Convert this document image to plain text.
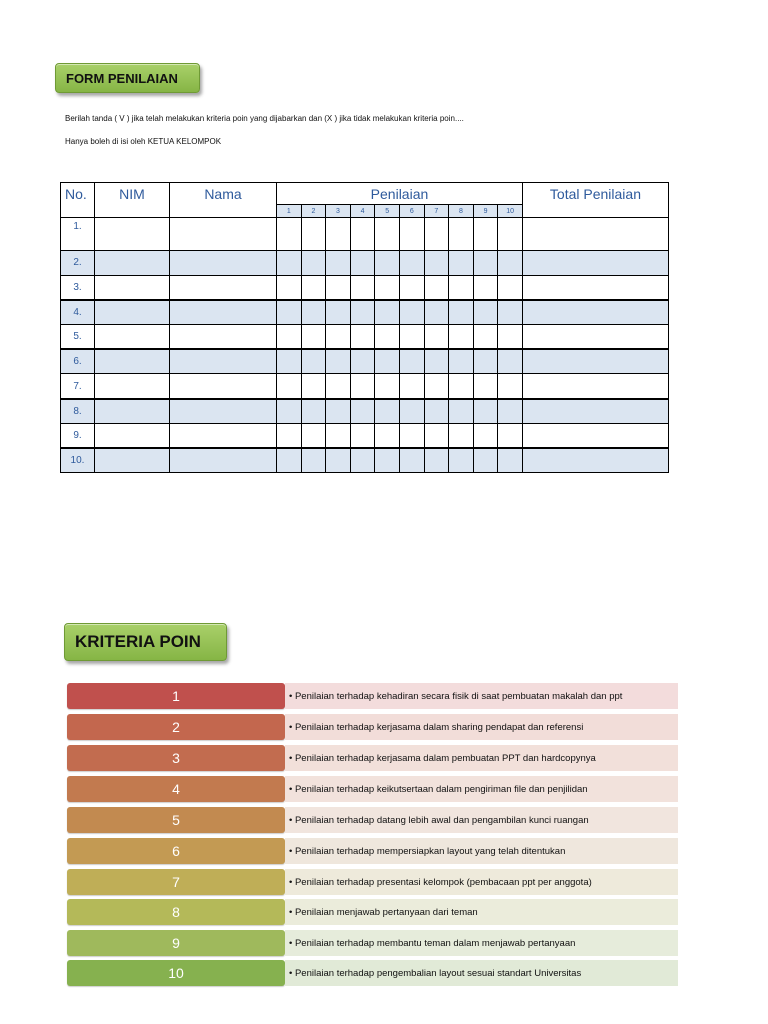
FORM PENILAIAN
Berilah tanda ( V ) jika telah melakukan kriteria poin yang dijabarkan dan (X ) jika tidak melakukan kriteria poin....
Hanya boleh di isi oleh KETUA KELOMPOK
No.	NIM	Nama	Penilaian										Total Penilaian
			1	2	3	4	5	6	7	8	9	10	
1.													
2.													
3.													
4.													
5.													
6.													
7.													
8.													
9.													
10.													
KRITERIA POIN
1	• Penilaian terhadap kehadiran secara fisik di saat pembuatan makalah dan ppt
2	• Penilaian terhadap kerjasama dalam sharing pendapat dan referensi
3	• Penilaian terhadap kerjasama dalam pembuatan PPT dan hardcopynya
4	• Penilaian terhadap keikutsertaan dalam pengiriman file dan penjilidan
5	• Penilaian terhadap datang lebih awal dan pengambilan kunci ruangan
6	• Penilaian terhadap mempersiapkan layout yang telah ditentukan
7	• Penilaian terhadap presentasi kelompok (pembacaan ppt per anggota)
8	• Penilaian menjawab pertanyaan dari teman
9	• Penilaian terhadap membantu teman dalam menjawab pertanyaan
10	• Penilaian terhadap pengembalian layout sesuai standart Universitas
